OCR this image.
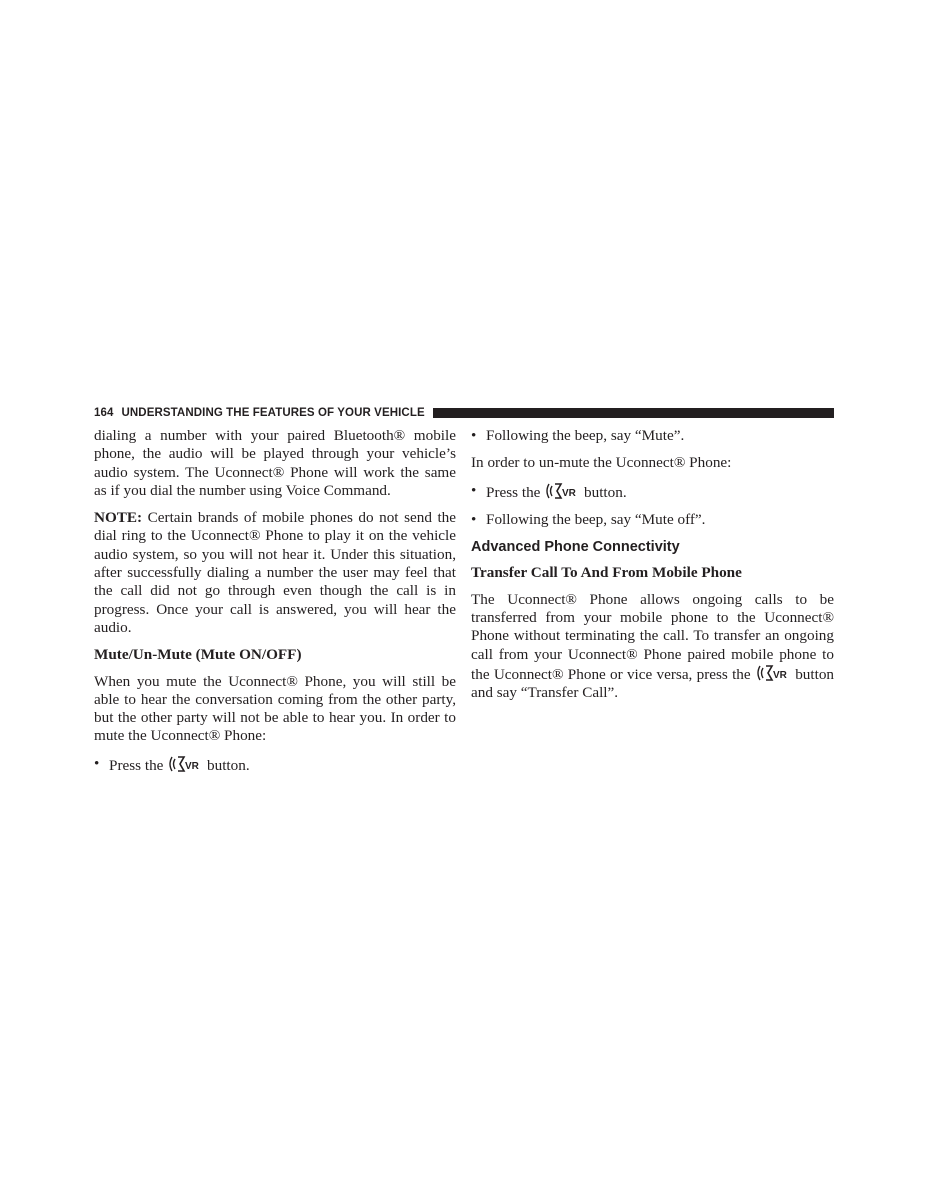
164 UNDERSTANDING THE FEATURES OF YOUR VEHICLE

dialing a number with your paired Bluetooth® mobile phone, the audio will be played through your vehicle’s audio system. The Uconnect® Phone will work the same as if you dial the number using Voice Command.

NOTE: Certain brands of mobile phones do not send the dial ring to the Uconnect® Phone to play it on the vehicle audio system, so you will not hear it. Under this situation, after successfully dialing a number the user may feel that the call did not go through even though the call is in progress. Once your call is answered, you will hear the audio.

Mute/Un-Mute (Mute ON/OFF)

When you mute the Uconnect® Phone, you will still be able to hear the conversation coming from the other party, but the other party will not be able to hear you. In order to mute the Uconnect® Phone:

• Press the VR button.
• Following the beep, say “Mute”.

In order to un-mute the Uconnect® Phone:

• Press the VR button.
• Following the beep, say “Mute off”.
Advanced Phone Connectivity
Transfer Call To And From Mobile Phone

The Uconnect® Phone allows ongoing calls to be transferred from your mobile phone to the Uconnect® Phone without terminating the call. To transfer an ongoing call from your Uconnect® Phone paired mobile phone to the Uconnect® Phone or vice versa, press the VR button and say “Transfer Call”.
